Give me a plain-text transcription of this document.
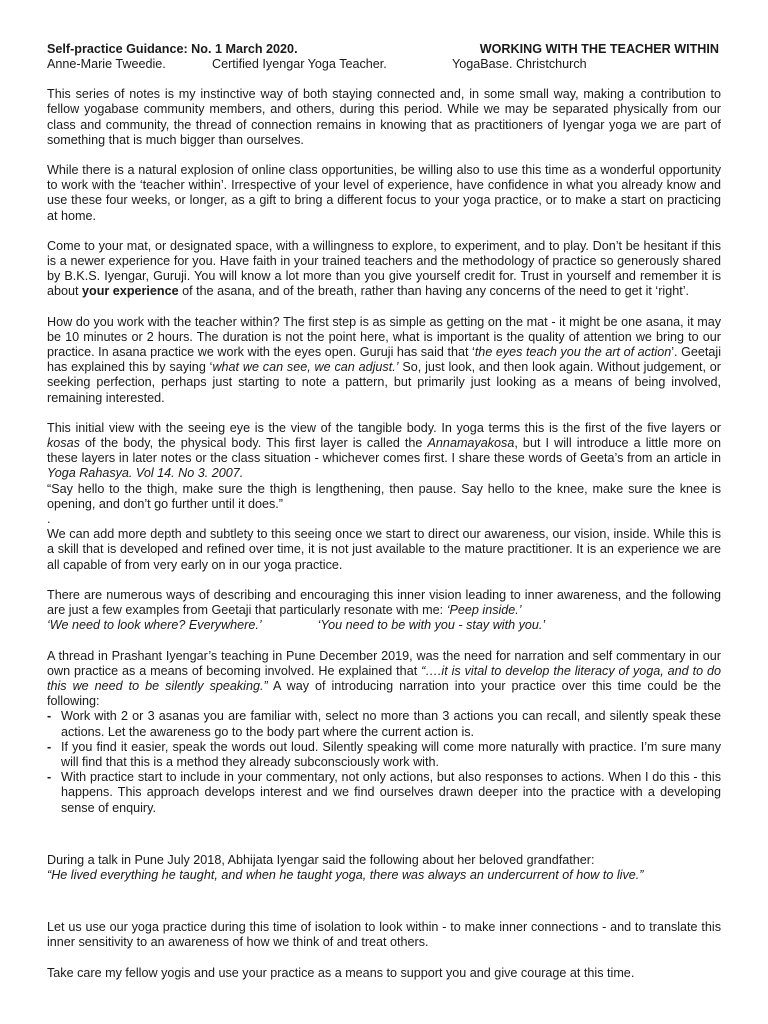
Self-practice Guidance: No. 1 March 2020.	WORKING WITH THE TEACHER WITHIN
Anne-Marie Tweedie.	Certified Iyengar Yoga Teacher.	YogaBase. Christchurch

This series of notes is my instinctive way of both staying connected and, in some small way, making a contribution to fellow yogabase community members, and others, during this period. While we may be separated physically from our class and community, the thread of connection remains in knowing that as practitioners of Iyengar yoga we are part of something that is much bigger than ourselves.

While there is a natural explosion of online class opportunities, be willing also to use this time as a wonderful opportunity to work with the ‘teacher within’. Irrespective of your level of experience, have confidence in what you already know and use these four weeks, or longer, as a gift to bring a different focus to your yoga practice, or to make a start on practicing at home.

Come to your mat, or designated space, with a willingness to explore, to experiment, and to play. Don’t be hesitant if this is a newer experience for you. Have faith in your trained teachers and the methodology of practice so generously shared by B.K.S. Iyengar, Guruji. You will know a lot more than you give yourself credit for. Trust in yourself and remember it is about your experience of the asana, and of the breath, rather than having any concerns of the need to get it ‘right’.

How do you work with the teacher within? The first step is as simple as getting on the mat - it might be one asana, it may be 10 minutes or 2 hours. The duration is not the point here, what is important is the quality of attention we bring to our practice. In asana practice we work with the eyes open. Guruji has said that ‘the eyes teach you the art of action’. Geetaji has explained this by saying ‘what we can see, we can adjust.’ So, just look, and then look again. Without judgement, or seeking perfection, perhaps just starting to note a pattern, but primarily just looking as a means of being involved, remaining interested.

This initial view with the seeing eye is the view of the tangible body. In yoga terms this is the first of the five layers or kosas of the body, the physical body. This first layer is called the Annamayakosa, but I will introduce a little more on these layers in later notes or the class situation - whichever comes first. I share these words of Geeta’s from an article in Yoga Rahasya. Vol 14. No 3. 2007.

“Say hello to the thigh, make sure the thigh is lengthening, then pause. Say hello to the knee, make sure the knee is opening, and don’t go further until it does.”

.

We can add more depth and subtlety to this seeing once we start to direct our awareness, our vision, inside. While this is a skill that is developed and refined over time, it is not just available to the mature practitioner. It is an experience we are all capable of from very early on in our yoga practice.

There are numerous ways of describing and encouraging this inner vision leading to inner awareness, and the following are just a few examples from Geetaji that particularly resonate with me: ‘Peep inside.’
‘We need to look where? Everywhere.’	‘You need to be with you - stay with you.’

A thread in Prashant Iyengar’s teaching in Pune December 2019, was the need for narration and self commentary in our own practice as a means of becoming involved. He explained that “….it is vital to develop the literacy of yoga, and to do this we need to be silently speaking.” A way of introducing narration into your practice over this time could be the following:

- Work with 2 or 3 asanas you are familiar with, select no more than 3 actions you can recall, and silently speak these actions. Let the awareness go to the body part where the current action is.
- If you find it easier, speak the words out loud. Silently speaking will come more naturally with practice. I’m sure many will find that this is a method they already subconsciously work with.
- With practice start to include in your commentary, not only actions, but also responses to actions. When I do this - this happens. This approach develops interest and we find ourselves drawn deeper into the practice with a developing sense of enquiry.

During a talk in Pune July 2018, Abhijata Iyengar said the following about her beloved grandfather:

“He lived everything he taught, and when he taught yoga, there was always an undercurrent of how to live.”

Let us use our yoga practice during this time of isolation to look within - to make inner connections - and to translate this inner sensitivity to an awareness of how we think of and treat others.

Take care my fellow yogis and use your practice as a means to support you and give courage at this time.
